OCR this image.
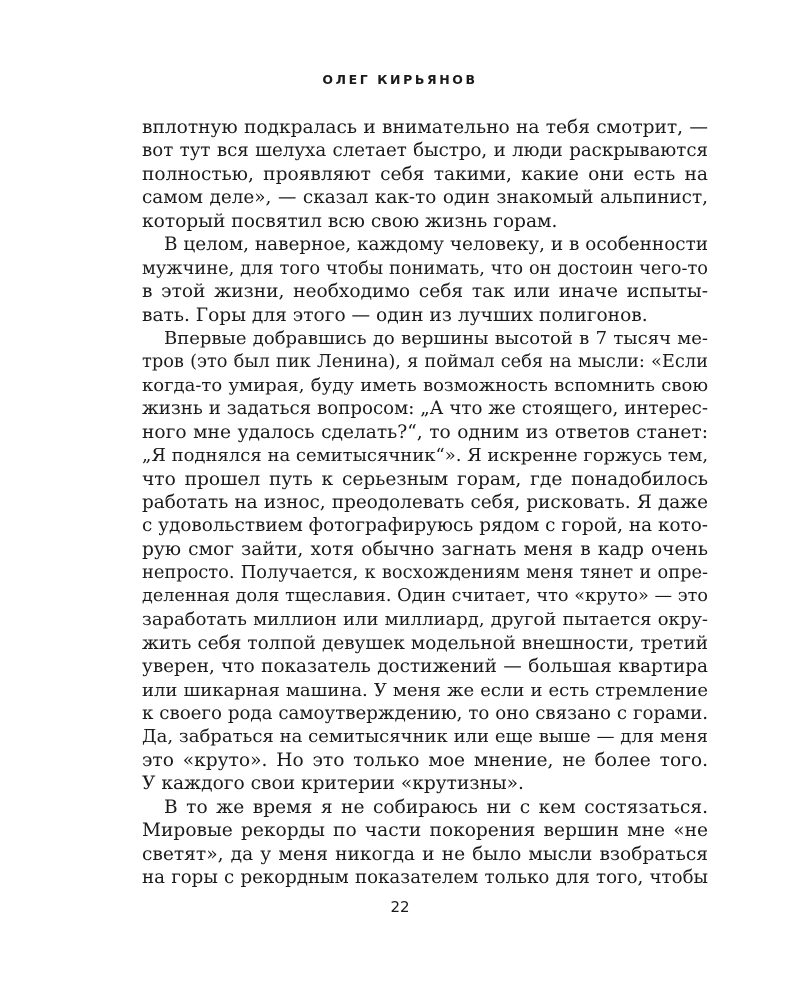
ОЛЕГ КИРЬЯНОВ
вплотную подкралась и внимательно на тебя смотрит, —
вот тут вся шелуха слетает быстро, и люди раскрываются
полностью, проявляют себя такими, какие они есть на
самом деле», — сказал как-то один знакомый альпинист,
который посвятил всю свою жизнь горам.
В целом, наверное, каждому человеку, и в особенности
мужчине, для того чтобы понимать, что он достоин чего-то
в этой жизни, необходимо себя так или иначе испыты-
вать. Горы для этого — один из лучших полигонов.
Впервые добравшись до вершины высотой в 7 тысяч ме-
тров (это был пик Ленина), я поймал себя на мысли: «Если
когда-то умирая, буду иметь возможность вспомнить свою
жизнь и задаться вопросом: „А что же стоящего, интерес-
ного мне удалось сделать?“, то одним из ответов станет:
„Я поднялся на семитысячник“». Я искренне горжусь тем,
что прошел путь к серьезным горам, где понадобилось
работать на износ, преодолевать себя, рисковать. Я даже
с удовольствием фотографируюсь рядом с горой, на кото-
рую смог зайти, хотя обычно загнать меня в кадр очень
непросто. Получается, к восхождениям меня тянет и опре-
деленная доля тщеславия. Один считает, что «круто» — это
заработать миллион или миллиард, другой пытается окру-
жить себя толпой девушек модельной внешности, третий
уверен, что показатель достижений — большая квартира
или шикарная машина. У меня же если и есть стремление
к своего рода самоутверждению, то оно связано с горами.
Да, забраться на семитысячник или еще выше — для меня
это «круто». Но это только мое мнение, не более того.
У каждого свои критерии «крутизны».
В то же время я не собираюсь ни с кем состязаться.
Мировые рекорды по части покорения вершин мне «не
светят», да у меня никогда и не было мысли взобраться
на горы с рекордным показателем только для того, чтобы
22
